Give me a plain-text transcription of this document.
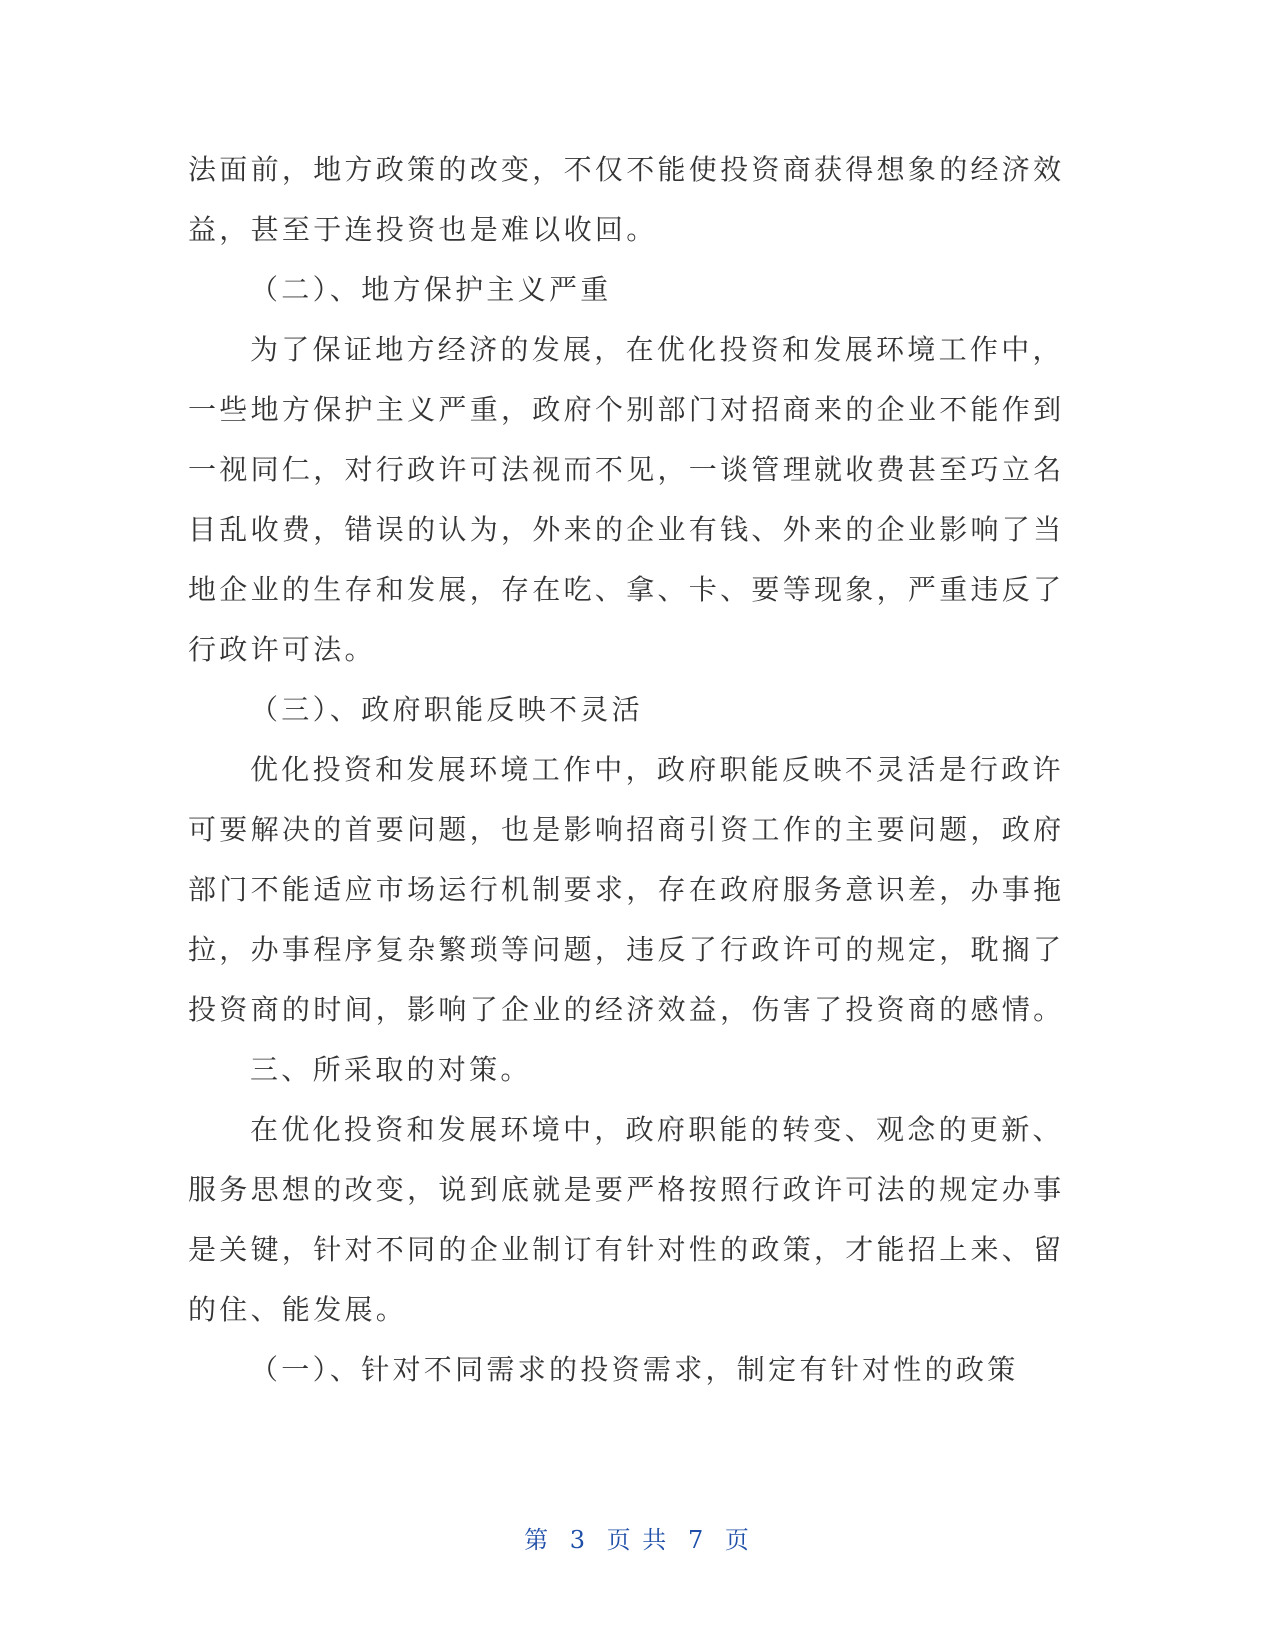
法面前，地方政策的改变，不仅不能使投资商获得想象的经济效
益，甚至于连投资也是难以收回。
（二）、地方保护主义严重
为了保证地方经济的发展，在优化投资和发展环境工作中，
一些地方保护主义严重，政府个别部门对招商来的企业不能作到
一视同仁，对行政许可法视而不见，一谈管理就收费甚至巧立名
目乱收费，错误的认为，外来的企业有钱、外来的企业影响了当
地企业的生存和发展，存在吃、拿、卡、要等现象，严重违反了
行政许可法。
（三）、政府职能反映不灵活
优化投资和发展环境工作中，政府职能反映不灵活是行政许
可要解决的首要问题，也是影响招商引资工作的主要问题，政府
部门不能适应市场运行机制要求，存在政府服务意识差，办事拖
拉，办事程序复杂繁琐等问题，违反了行政许可的规定，耽搁了
投资商的时间，影响了企业的经济效益，伤害了投资商的感情。
三、所采取的对策。
在优化投资和发展环境中，政府职能的转变、观念的更新、
服务思想的改变，说到底就是要严格按照行政许可法的规定办事
是关键，针对不同的企业制订有针对性的政策，才能招上来、留
的住、能发展。
（一）、针对不同需求的投资需求，制定有针对性的政策
第 3 页 共 7 页
